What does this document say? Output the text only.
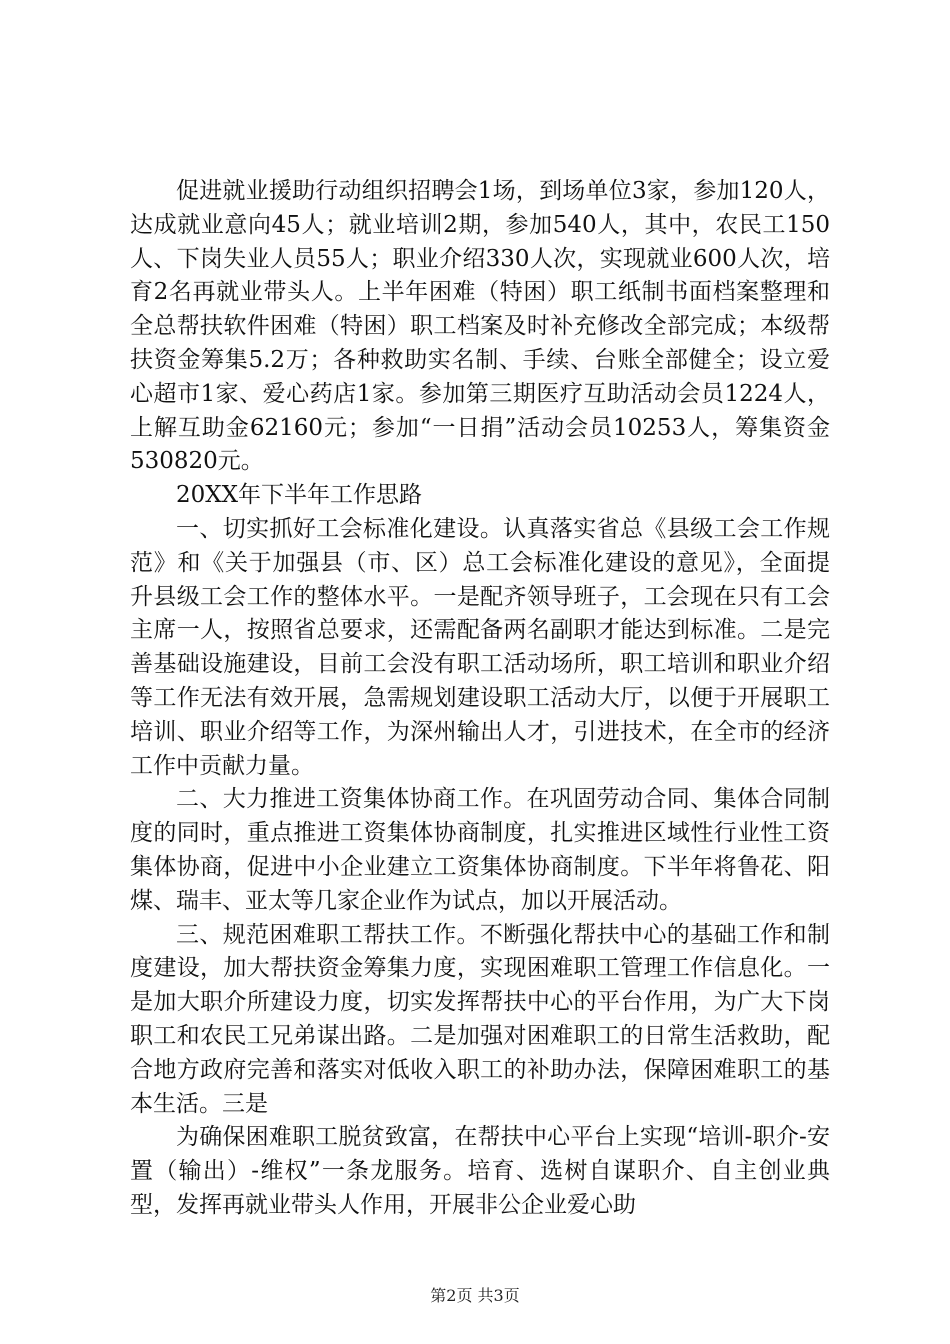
促进就业援助行动组织招聘会1场，到场单位3家，参加120人，达成就业意向45人；就业培训2期，参加540人，其中，农民工150人、下岗失业人员55人；职业介绍330人次，实现就业600人次，培育2名再就业带头人。上半年困难（特困）职工纸制书面档案整理和全总帮扶软件困难（特困）职工档案及时补充修改全部完成；本级帮扶资金筹集5.2万；各种救助实名制、手续、台账全部健全；设立爱心超市1家、爱心药店1家。参加第三期医疗互助活动会员1224人，上解互助金62160元；参加“一日捐”活动会员10253人，筹集资金530820元。

20XX年下半年工作思路

一、切实抓好工会标准化建设。认真落实省总《县级工会工作规范》和《关于加强县（市、区）总工会标准化建设的意见》，全面提升县级工会工作的整体水平。一是配齐领导班子，工会现在只有工会主席一人，按照省总要求，还需配备两名副职才能达到标准。二是完善基础设施建设，目前工会没有职工活动场所，职工培训和职业介绍等工作无法有效开展，急需规划建设职工活动大厅，以便于开展职工培训、职业介绍等工作，为深州输出人才，引进技术，在全市的经济工作中贡献力量。

二、大力推进工资集体协商工作。在巩固劳动合同、集体合同制度的同时，重点推进工资集体协商制度，扎实推进区域性行业性工资集体协商，促进中小企业建立工资集体协商制度。下半年将鲁花、阳煤、瑞丰、亚太等几家企业作为试点，加以开展活动。

三、规范困难职工帮扶工作。不断强化帮扶中心的基础工作和制度建设，加大帮扶资金筹集力度，实现困难职工管理工作信息化。一是加大职介所建设力度，切实发挥帮扶中心的平台作用，为广大下岗职工和农民工兄弟谋出路。二是加强对困难职工的日常生活救助，配合地方政府完善和落实对低收入职工的补助办法，保障困难职工的基本生活。三是

为确保困难职工脱贫致富，在帮扶中心平台上实现“培训-职介-安置（输出）-维权”一条龙服务。培育、选树自谋职介、自主创业典型，发挥再就业带头人作用，开展非公企业爱心助

第2页 共3页
